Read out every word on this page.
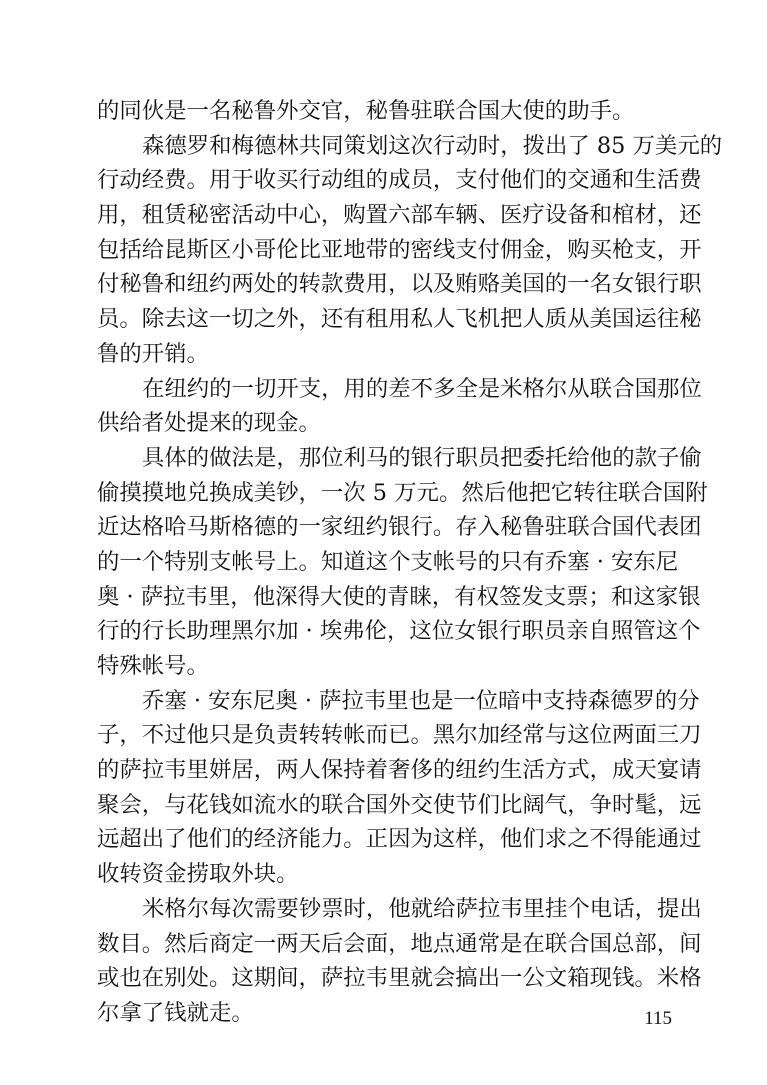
的同伙是一名秘鲁外交官，秘鲁驻联合国大使的助手。
森德罗和梅德林共同策划这次行动时，拨出了 85 万美元的
行动经费。用于收买行动组的成员，支付他们的交通和生活费
用，租赁秘密活动中心，购置六部车辆、医疗设备和棺材，还
包括给昆斯区小哥伦比亚地带的密线支付佣金，购买枪支，开
付秘鲁和纽约两处的转款费用，以及贿赂美国的一名女银行职
员。除去这一切之外，还有租用私人飞机把人质从美国运往秘
鲁的开销。
在纽约的一切开支，用的差不多全是米格尔从联合国那位
供给者处提来的现金。
具体的做法是，那位利马的银行职员把委托给他的款子偷
偷摸摸地兑换成美钞，一次 5 万元。然后他把它转往联合国附
近达格哈马斯格德的一家纽约银行。存入秘鲁驻联合国代表团
的一个特别支帐号上。知道这个支帐号的只有乔塞 · 安东尼
奥 · 萨拉韦里，他深得大使的青睐，有权签发支票；和这家银
行的行长助理黑尔加 · 埃弗伦，这位女银行职员亲自照管这个
特殊帐号。
乔塞 · 安东尼奥 · 萨拉韦里也是一位暗中支持森德罗的分
子，不过他只是负责转转帐而已。黑尔加经常与这位两面三刀
的萨拉韦里姘居，两人保持着奢侈的纽约生活方式，成天宴请
聚会，与花钱如流水的联合国外交使节们比阔气，争时髦，远
远超出了他们的经济能力。正因为这样，他们求之不得能通过
收转资金捞取外块。
米格尔每次需要钞票时，他就给萨拉韦里挂个电话，提出
数目。然后商定一两天后会面，地点通常是在联合国总部，间
或也在别处。这期间，萨拉韦里就会搞出一公文箱现钱。米格
尔拿了钱就走。	115
